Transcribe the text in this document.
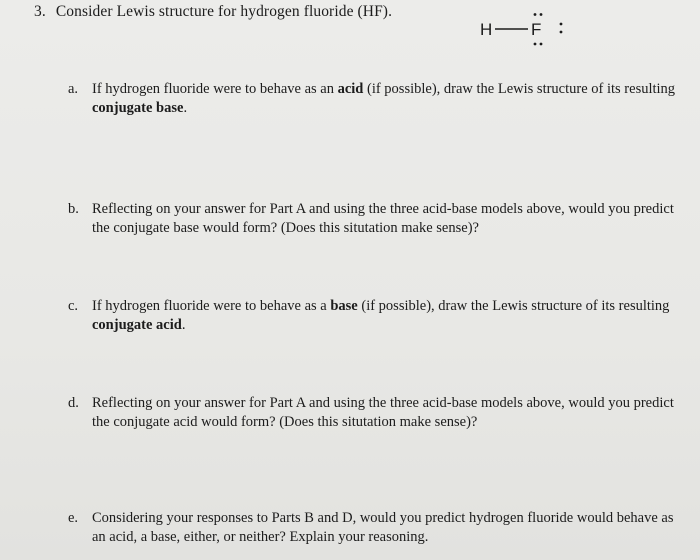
3. Consider Lewis structure for hydrogen fluoride (HF).
H F
a. If hydrogen fluoride were to behave as an acid (if possible), draw the Lewis structure of its resulting conjugate base.
b. Reflecting on your answer for Part A and using the three acid-base models above, would you predict the conjugate base would form? (Does this situtation make sense)?
c. If hydrogen fluoride were to behave as a base (if possible), draw the Lewis structure of its resulting conjugate acid.
d. Reflecting on your answer for Part A and using the three acid-base models above, would you predict the conjugate acid would form? (Does this situtation make sense)?
e. Considering your responses to Parts B and D, would you predict hydrogen fluoride would behave as an acid, a base, either, or neither? Explain your reasoning.
